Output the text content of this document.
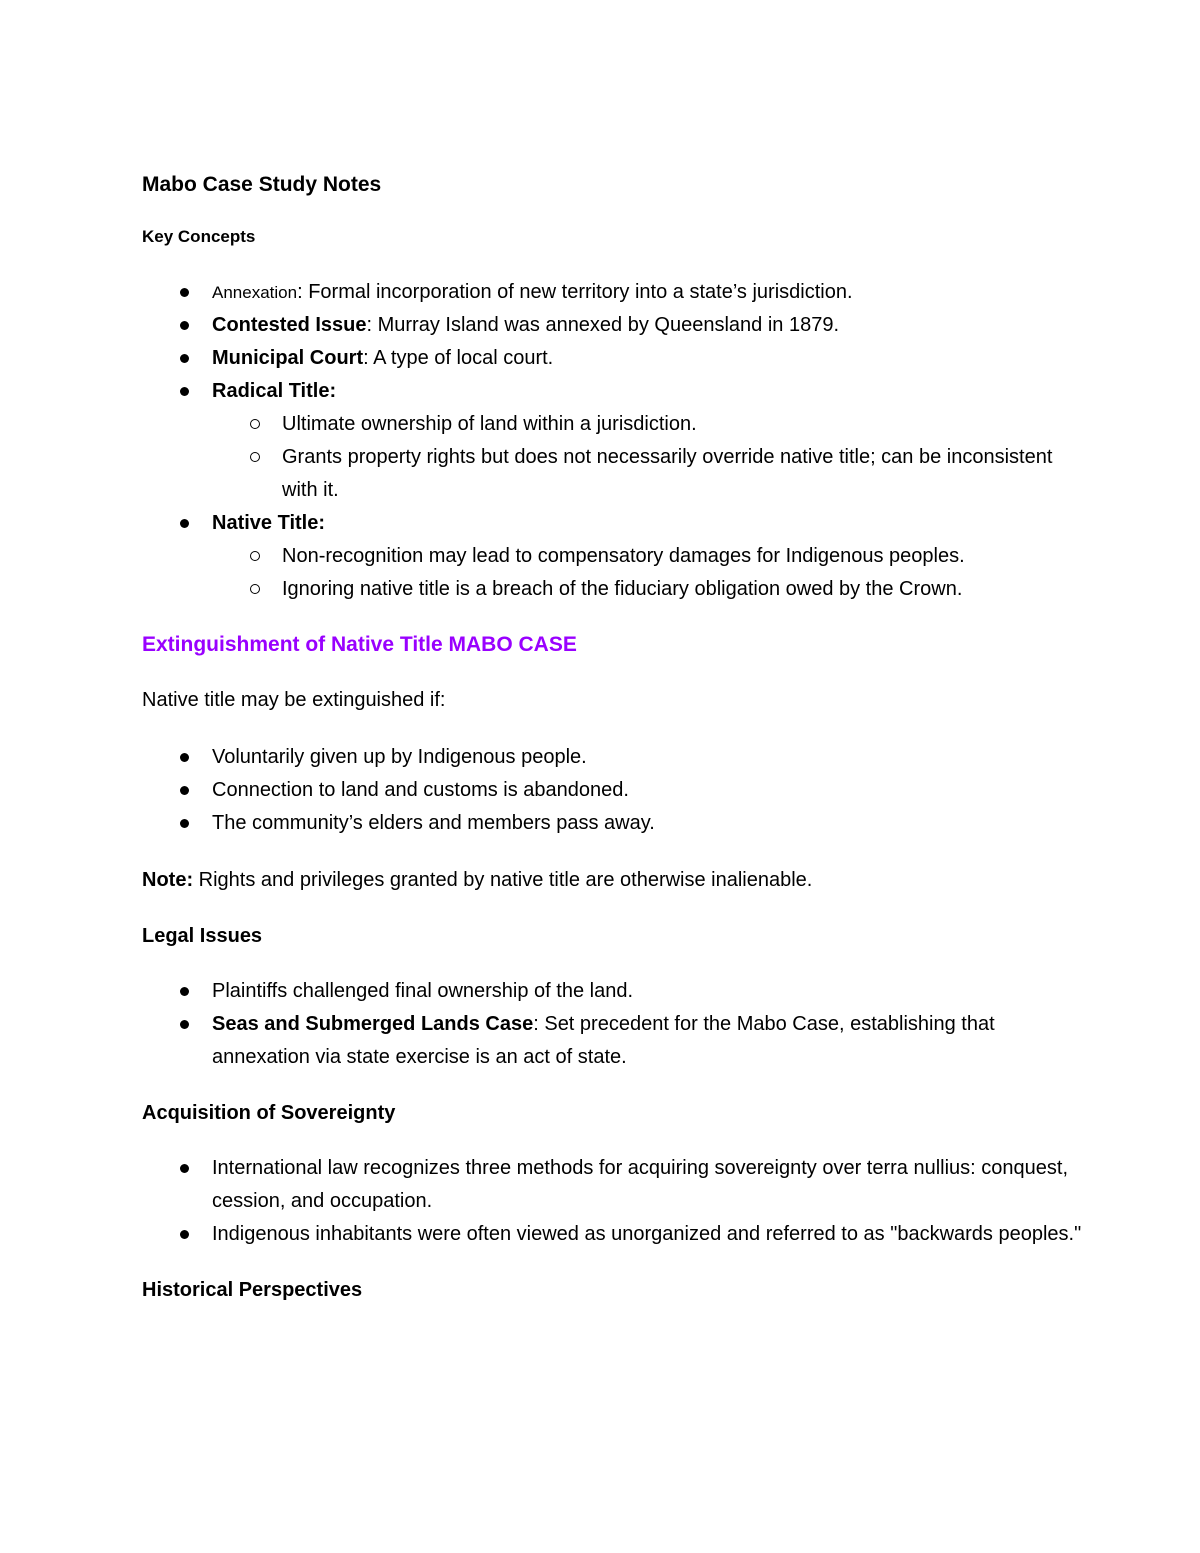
Mabo Case Study Notes
Key Concepts
Annexation: Formal incorporation of new territory into a state’s jurisdiction.
Contested Issue: Murray Island was annexed by Queensland in 1879.
Municipal Court: A type of local court.
Radical Title:
Ultimate ownership of land within a jurisdiction.
Grants property rights but does not necessarily override native title; can be inconsistent with it.
Native Title:
Non-recognition may lead to compensatory damages for Indigenous peoples.
Ignoring native title is a breach of the fiduciary obligation owed by the Crown.
Extinguishment of Native Title MABO CASE

Native title may be extinguished if:

Voluntarily given up by Indigenous people.
Connection to land and customs is abandoned.
The community’s elders and members pass away.

Note: Rights and privileges granted by native title are otherwise inalienable.

Legal Issues
Plaintiffs challenged final ownership of the land.
Seas and Submerged Lands Case: Set precedent for the Mabo Case, establishing that annexation via state exercise is an act of state.
Acquisition of Sovereignty
International law recognizes three methods for acquiring sovereignty over terra nullius: conquest, cession, and occupation.
Indigenous inhabitants were often viewed as unorganized and referred to as "backwards peoples."
Historical Perspectives
